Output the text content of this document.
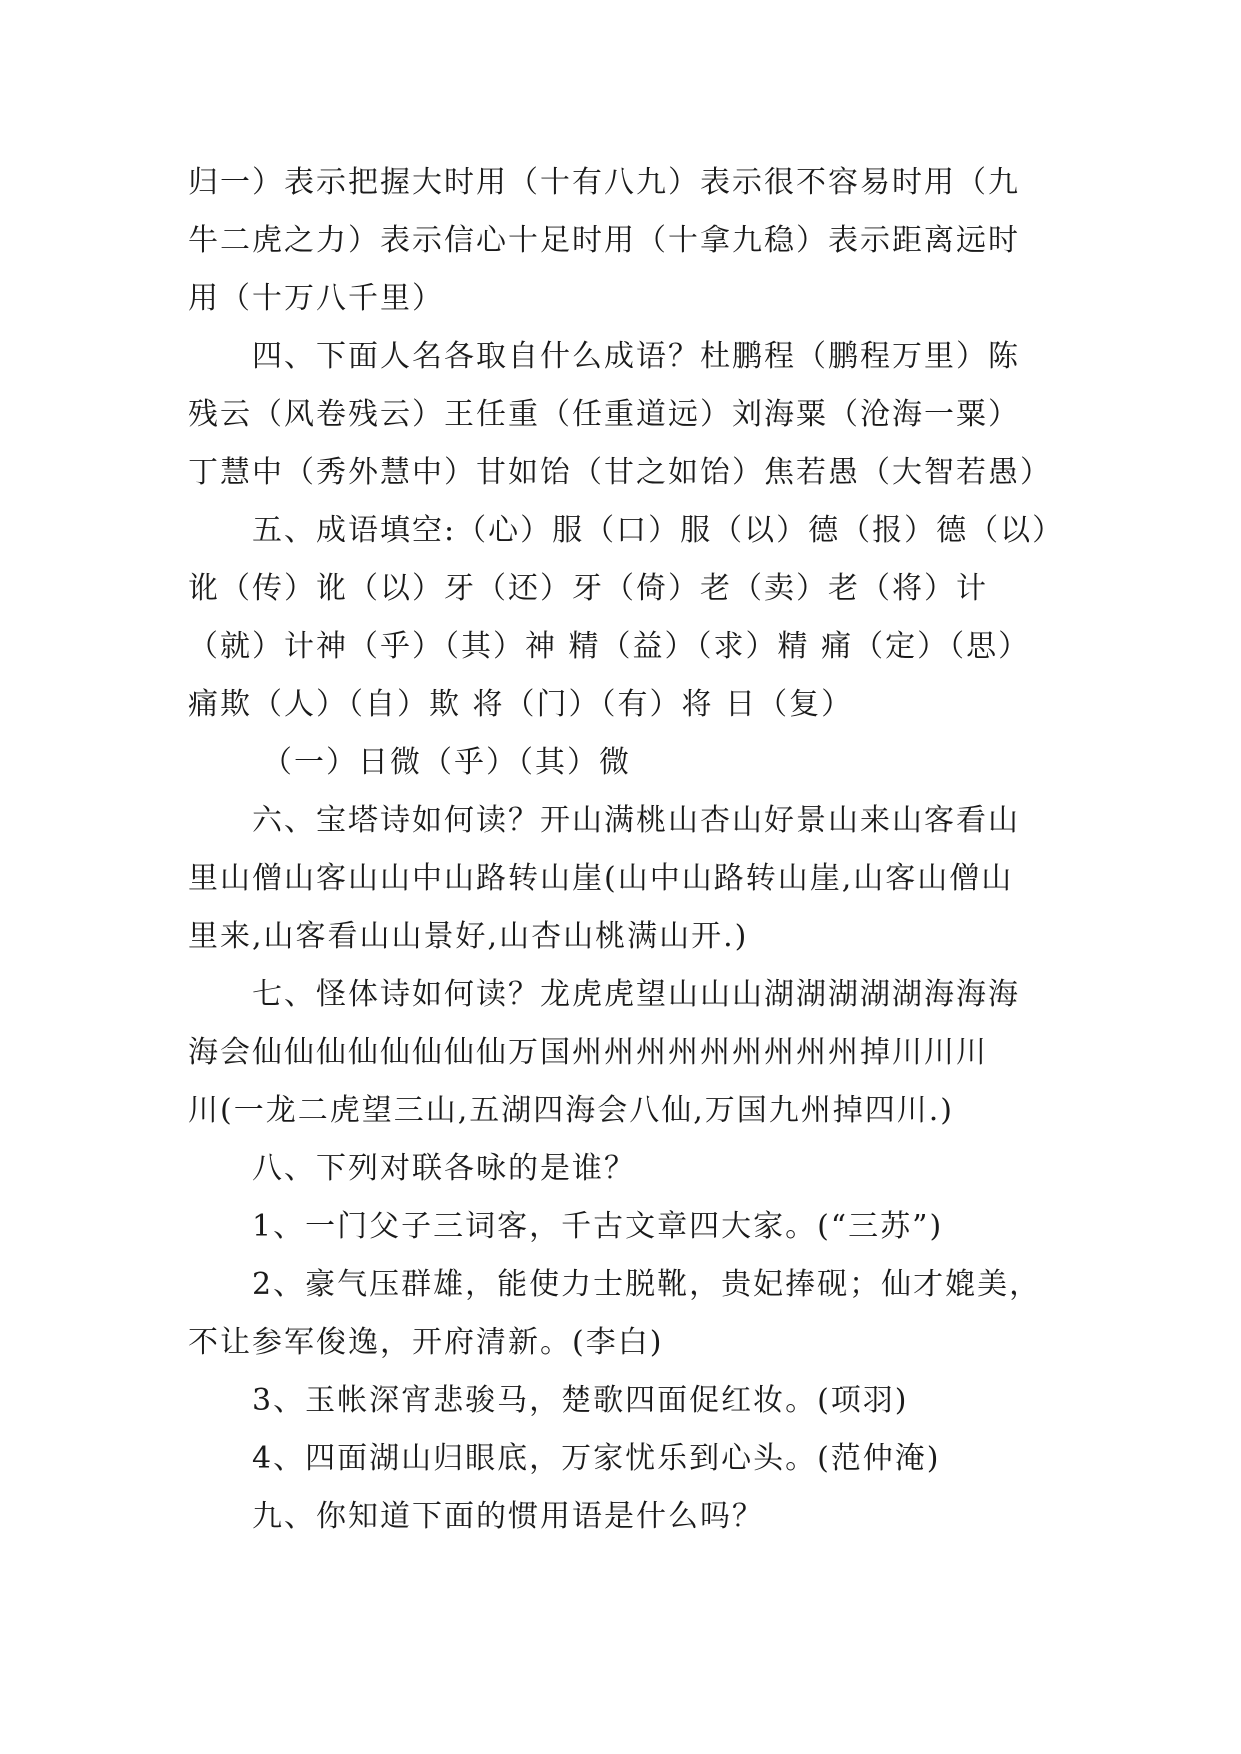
归一）表示把握大时用（十有八九）表示很不容易时用（九
牛二虎之力）表示信心十足时用（十拿九稳）表示距离远时
用（十万八千里）
四、下面人名各取自什么成语？杜鹏程（鹏程万里）陈
残云（风卷残云）王任重（任重道远）刘海粟（沧海一粟）
丁慧中（秀外慧中）甘如饴（甘之如饴）焦若愚（大智若愚）
五、成语填空:（心）服（口）服（以）德（报）德（以）
讹（传）讹（以）牙（还）牙（倚）老（卖）老（将）计
（就）计神（乎）（其）神 精（益）（求）精 痛（定）（思）
痛欺（人）（自）欺 将（门）（有）将 日（复）
（一）日微（乎）（其）微
六、宝塔诗如何读？开山满桃山杏山好景山来山客看山
里山僧山客山山中山路转山崖(山中山路转山崖,山客山僧山
里来,山客看山山景好,山杏山桃满山开.)
七、怪体诗如何读？龙虎虎望山山山湖湖湖湖湖海海海
海会仙仙仙仙仙仙仙仙万国州州州州州州州州州掉川川川
川(一龙二虎望三山,五湖四海会八仙,万国九州掉四川.)
八、下列对联各咏的是谁？
1、一门父子三词客，千古文章四大家。(“三苏”)
2、豪气压群雄，能使力士脱靴，贵妃捧砚；仙才媲美，
不让参军俊逸，开府清新。(李白)
3、玉帐深宵悲骏马，楚歌四面促红妆。(项羽)
4、四面湖山归眼底，万家忧乐到心头。(范仲淹)
九、你知道下面的惯用语是什么吗？
